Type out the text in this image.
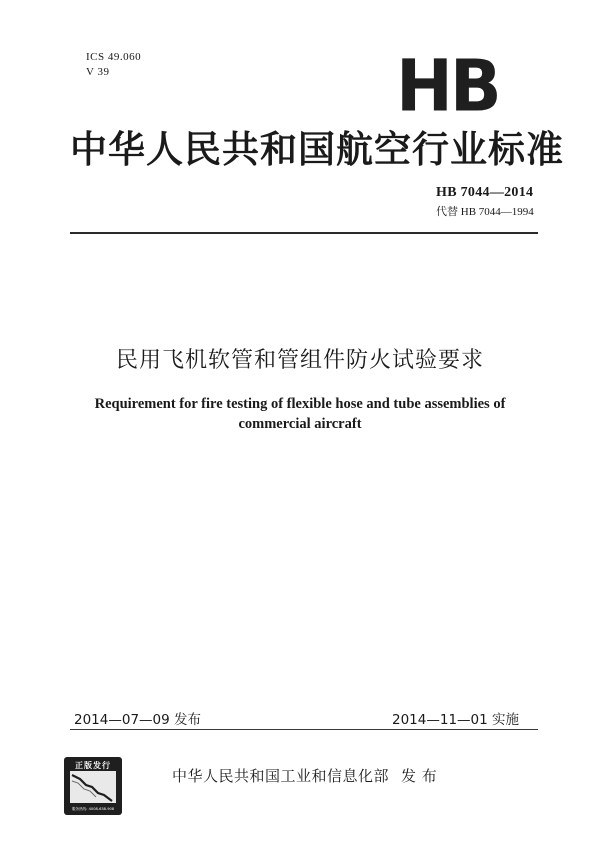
ICS 49.060
V 39	HB
中华人民共和国航空行业标准
HB 7044—2014
代替 HB 7044—1994
民用飞机软管和管组件防火试验要求
Requirement for fire testing of flexible hose and tube assemblies of
commercial aircraft
2014—07—09 发布	2014—11—01 实施
正版发行
服务热线: 4008-638-908
中华人民共和国工业和信息化部 发 布
